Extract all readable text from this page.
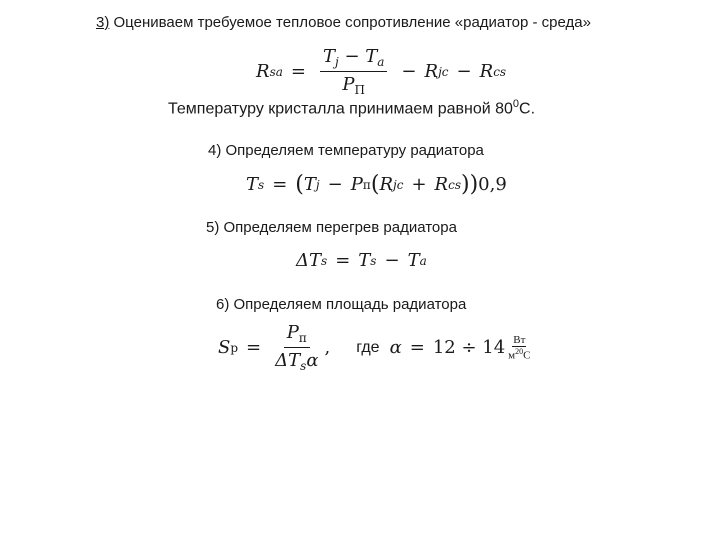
3) Оцениваем требуемое тепловое сопротивление «радиатор - среда»
R sa = $\frac{T_j - T_a}{P_П} - R$ jc − R cs
Температуру кристалла принимаем равной $80^0С$.
4) Определяем температуру радиатора
T s = ( T j − P п ( R jc + R cs )) 0,9
5) Определяем перегрев радиатора
ΔT s = T s − T a
6) Определяем площадь радиатора
S $р = \frac{P_п}{\Delta T_s\alpha}$ , где $\alpha = 12 \div 14 \frac{Вт}{м^{20}С}$
